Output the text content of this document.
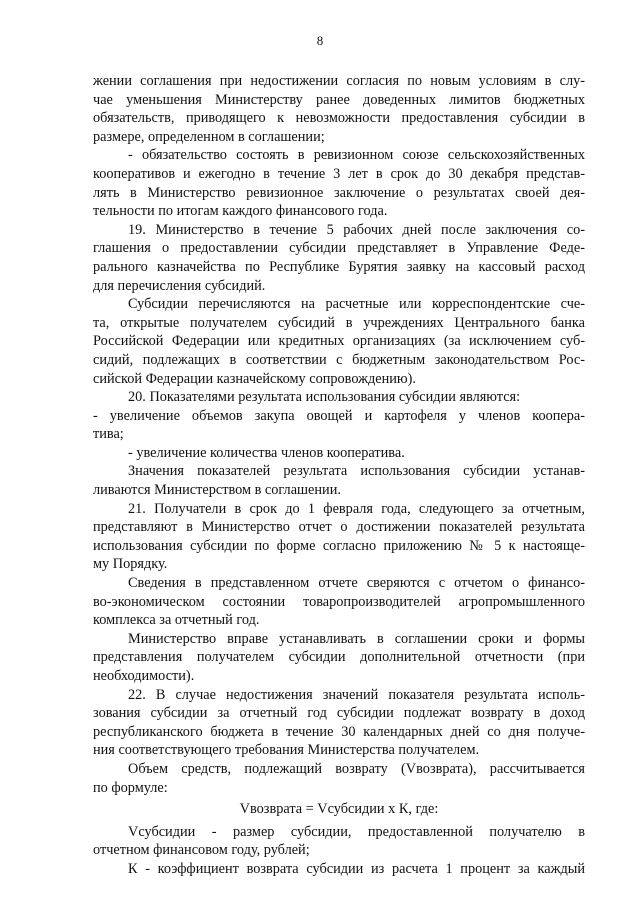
8

жении соглашения при недостижении согласия по новым условиям в слу-

чае уменьшения Министерству ранее доведенных лимитов бюджетных

обязательств, приводящего к невозможности предоставления субсидии в

размере, определенном в соглашении;

- обязательство состоять в ревизионном союзе сельскохозяйственных

кооперативов и ежегодно в течение 3 лет в срок до 30 декабря представ-

лять в Министерство ревизионное заключение о результатах своей дея-

тельности по итогам каждого финансового года.

19. Министерство в течение 5 рабочих дней после заключения со-

глашения о предоставлении субсидии представляет в Управление Феде-

рального казначейства по Республике Бурятия заявку на кассовый расход

для перечисления субсидий.

Субсидии перечисляются на расчетные или корреспондентские сче-

та, открытые получателем субсидий в учреждениях Центрального банка

Российской Федерации или кредитных организациях (за исключением суб-

сидий, подлежащих в соответствии с бюджетным законодательством Рос-

сийской Федерации казначейскому сопровождению).

20. Показателями результата использования субсидии являются:

- увеличение объемов закупа овощей и картофеля у членов коопера-

тива;

- увеличение количества членов кооператива.

Значения показателей результата использования субсидии устанав-

ливаются Министерством в соглашении.

21. Получатели в срок до 1 февраля года, следующего за отчетным,

представляют в Министерство отчет о достижении показателей результата

использования субсидии по форме согласно приложению № 5 к настояще-

му Порядку.

Сведения в представленном отчете сверяются с отчетом о финансо-

во-экономическом состоянии товаропроизводителей агропромышленного

комплекса за отчетный год.

Министерство вправе устанавливать в соглашении сроки и формы

представления получателем субсидии дополнительной отчетности (при

необходимости).

22. В случае недостижения значений показателя результата исполь-

зования субсидии за отчетный год субсидии подлежат возврату в доход

республиканского бюджета в течение 30 календарных дней со дня получе-

ния соответствующего требования Министерства получателем.

Объем средств, подлежащий возврату (Vвозврата), рассчитывается

по формуле:

Vвозврата = Vсубсидии х К, где:

Vсубсидии - размер субсидии, предоставленной получателю в

отчетном финансовом году, рублей;

К - коэффициент возврата субсидии из расчета 1 процент за каждый
